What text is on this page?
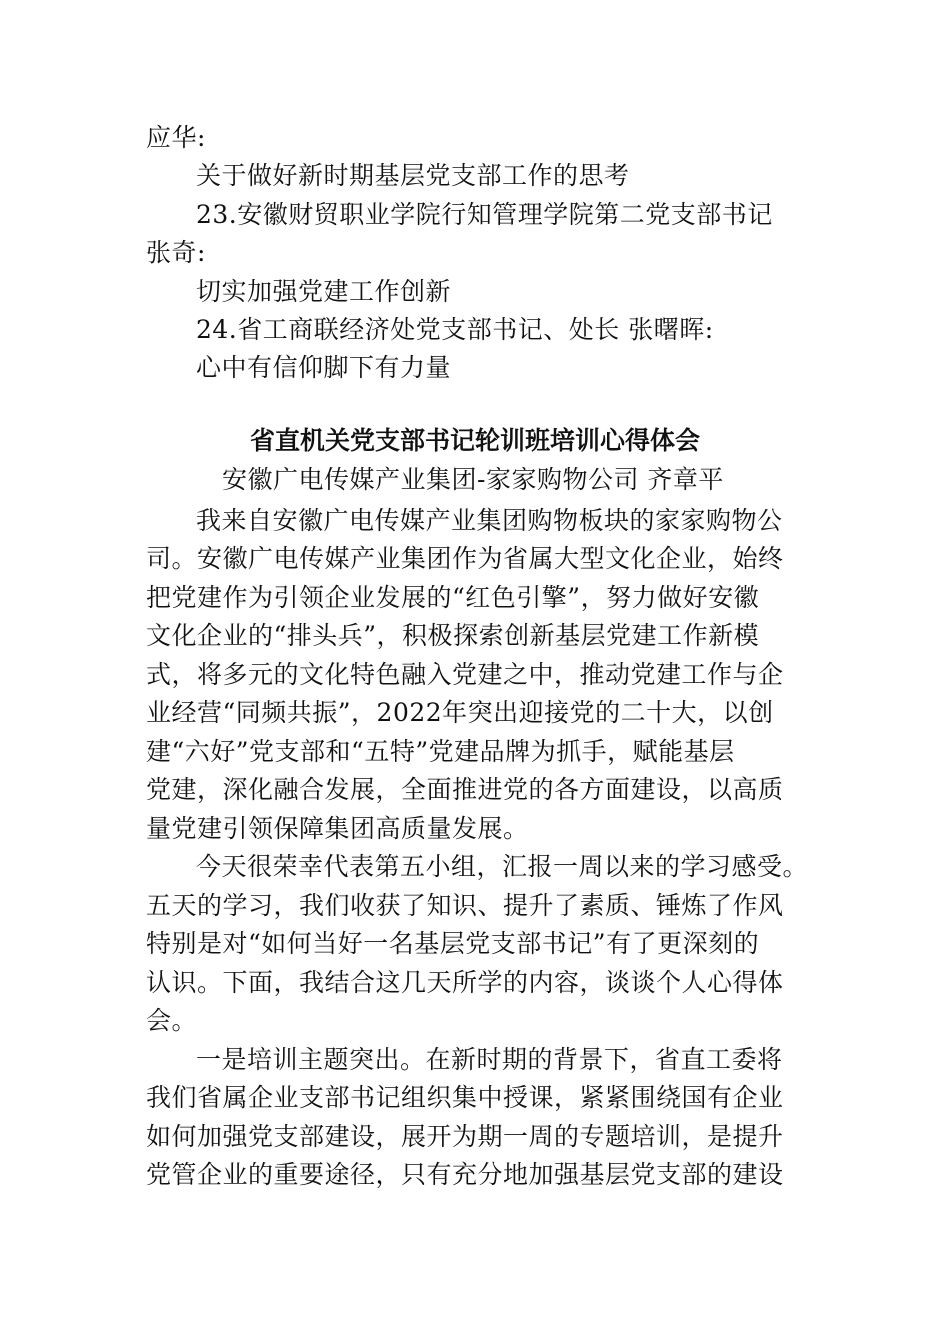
应华:
关于做好新时期基层党支部工作的思考
23.安徽财贸职业学院行知管理学院第二党支部书记
张奇:
切实加强党建工作创新
24.省工商联经济处党支部书记、处长 张曙晖:
心中有信仰脚下有力量
省直机关党支部书记轮训班培训心得体会
安徽广电传媒产业集团-家家购物公司 齐章平
我来自安徽广电传媒产业集团购物板块的家家购物公
司。安徽广电传媒产业集团作为省属大型文化企业，始终
把党建作为引领企业发展的“红色引擎”，努力做好安徽
文化企业的“排头兵”，积极探索创新基层党建工作新模
式，将多元的文化特色融入党建之中，推动党建工作与企
业经营“同频共振”，2022年突出迎接党的二十大，以创
建“六好”党支部和“五特”党建品牌为抓手，赋能基层
党建，深化融合发展，全面推进党的各方面建设，以高质
量党建引领保障集团高质量发展。
今天很荣幸代表第五小组，汇报一周以来的学习感受。
五天的学习，我们收获了知识、提升了素质、锤炼了作风
特别是对“如何当好一名基层党支部书记”有了更深刻的
认识。下面，我结合这几天所学的内容，谈谈个人心得体
会。
一是培训主题突出。在新时期的背景下，省直工委将
我们省属企业支部书记组织集中授课，紧紧围绕国有企业
如何加强党支部建设，展开为期一周的专题培训，是提升
党管企业的重要途径，只有充分地加强基层党支部的建设
